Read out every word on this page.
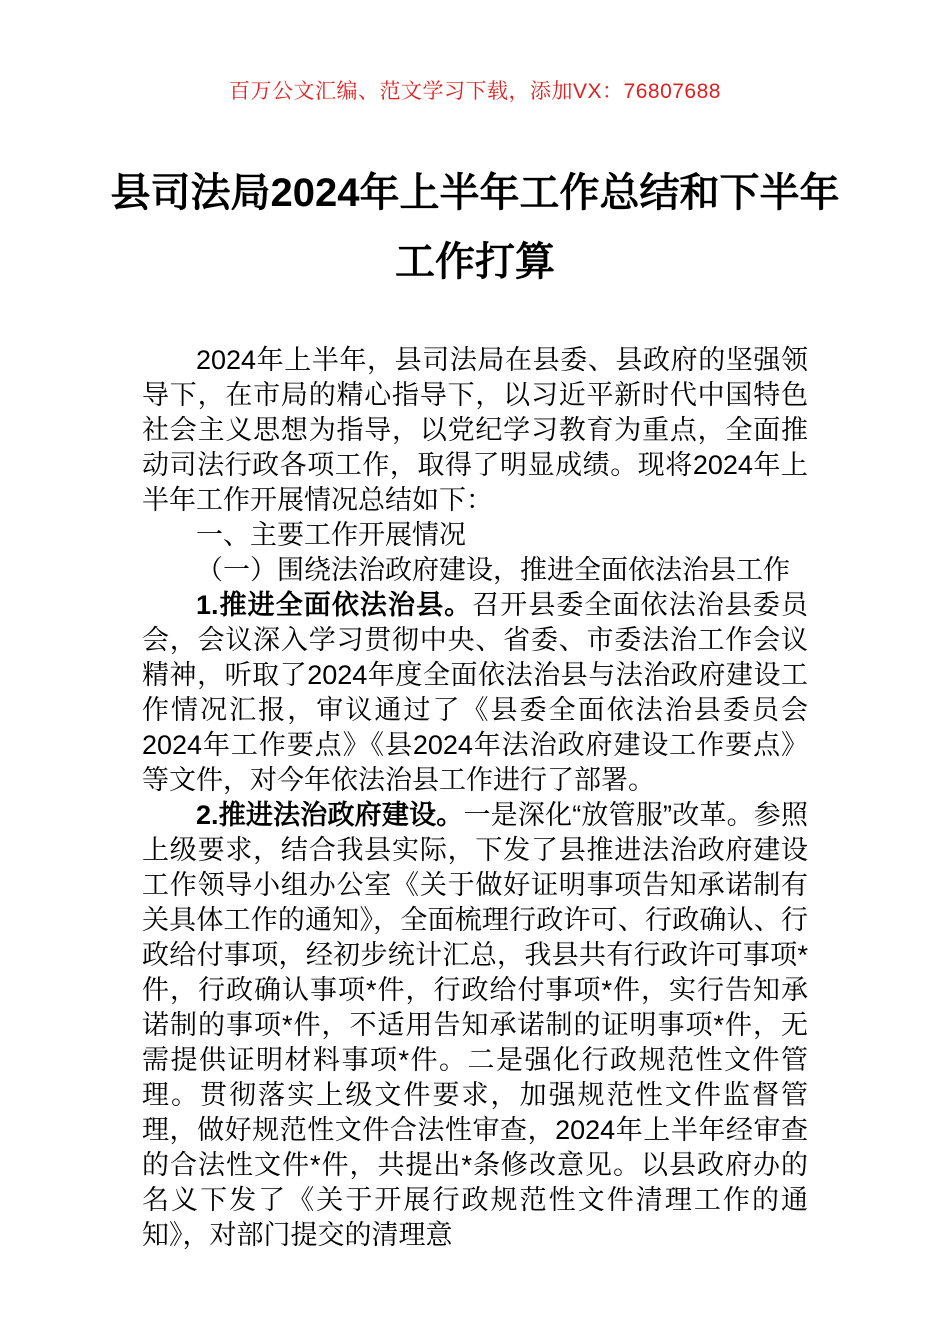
百万公文汇编、范文学习下载，添加VX：76807688
县司法局2024年上半年工作总结和下半年
工作打算

2024年上半年，县司法局在县委、县政府的坚强领导下，在市局的精心指导下，以习近平新时代中国特色社会主义思想为指导，以党纪学习教育为重点，全面推动司法行政各项工作，取得了明显成绩。现将2024年上半年工作开展情况总结如下：

一、主要工作开展情况

（一）围绕法治政府建设，推进全面依法治县工作

1.推进全面依法治县。召开县委全面依法治县委员会，会议深入学习贯彻中央、省委、市委法治工作会议精神，听取了2024年度全面依法治县与法治政府建设工作情况汇报，审议通过了《县委全面依法治县委员会2024年工作要点》《县2024年法治政府建设工作要点》等文件，对今年依法治县工作进行了部署。

2.推进法治政府建设。一是深化“放管服”改革。参照上级要求，结合我县实际，下发了县推进法治政府建设工作领导小组办公室《关于做好证明事项告知承诺制有关具体工作的通知》，全面梳理行政许可、行政确认、行政给付事项，经初步统计汇总，我县共有行政许可事项*件，行政确认事项*件，行政给付事项*件，实行告知承诺制的事项*件，不适用告知承诺制的证明事项*件，无需提供证明材料事项*件。二是强化行政规范性文件管理。贯彻落实上级文件要求，加强规范性文件监督管理，做好规范性文件合法性审查，2024年上半年经审查的合法性文件*件，共提出*条修改意见。以县政府办的名义下发了《关于开展行政规范性文件清理工作的通知》，对部门提交的清理意
